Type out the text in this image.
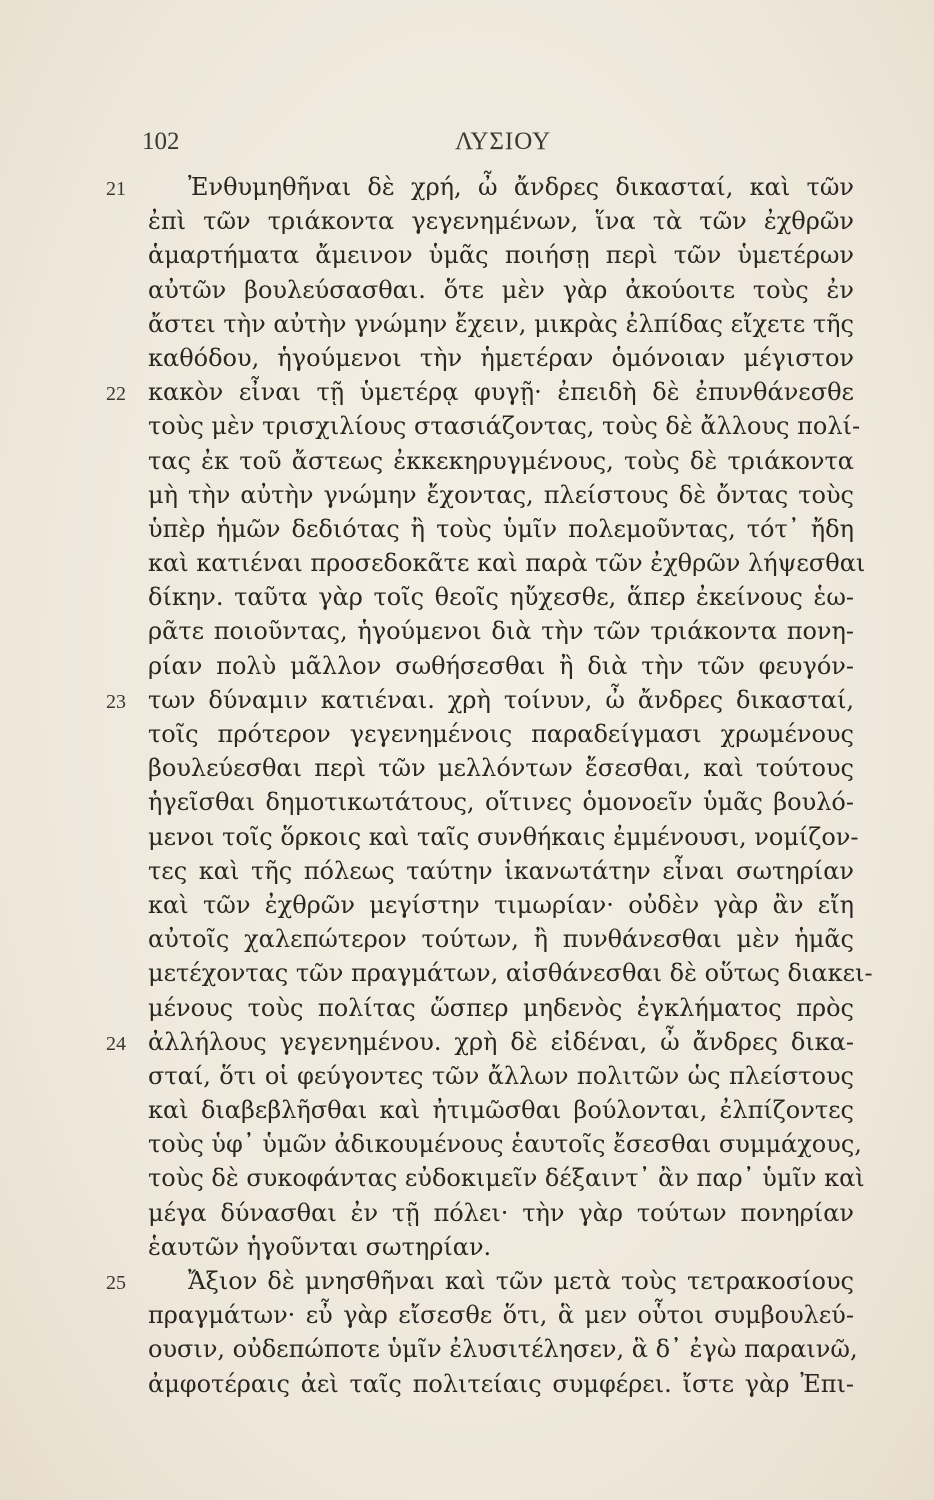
102	ΛΥΣΙΟΥ
21	Ἐνθυμηθῆναι δὲ χρή, ὦ ἄνδρες δικασταί, καὶ τῶν
ἐπὶ τῶν τριάκοντα γεγενημένων, ἵνα τὰ τῶν ἐχθρῶν
ἁμαρτήματα ἄμεινον ὑμᾶς ποιήσῃ περὶ τῶν ὑμετέρων
αὐτῶν βουλεύσασθαι. ὅτε μὲν γὰρ ἀκούοιτε τοὺς ἐν
ἄστει τὴν αὐτὴν γνώμην ἔχειν, μικρὰς ἐλπίδας εἴχετε τῆς
καθόδου, ἡγούμενοι τὴν ἡμετέραν ὁμόνοιαν μέγιστον
22 κακὸν εἶναι τῇ ὑμετέρᾳ φυγῇ· ἐπειδὴ δὲ ἐπυνθάνεσθε
τοὺς μὲν τρισχιλίους στασιάζοντας, τοὺς δὲ ἄλλους πολί-
τας ἐκ τοῦ ἄστεως ἐκκεκηρυγμένους, τοὺς δὲ τριάκοντα
μὴ τὴν αὐτὴν γνώμην ἔχοντας, πλείστους δὲ ὄντας τοὺς
ὑπὲρ ἡμῶν δεδιότας ἢ τοὺς ὑμῖν πολεμοῦντας, τότ᾽ ἤδη
καὶ κατιέναι προσεδοκᾶτε καὶ παρὰ τῶν ἐχθρῶν λήψεσθαι
δίκην. ταῦτα γὰρ τοῖς θεοῖς ηὔχεσθε, ἅπερ ἐκείνους ἑω-
ρᾶτε ποιοῦντας, ἡγούμενοι διὰ τὴν τῶν τριάκοντα πονη-
ρίαν πολὺ μᾶλλον σωθήσεσθαι ἢ διὰ τὴν τῶν φευγόν-
23 των δύναμιν κατιέναι. χρὴ τοίνυν, ὦ ἄνδρες δικασταί,
τοῖς πρότερον γεγενημένοις παραδείγμασι χρωμένους
βουλεύεσθαι περὶ τῶν μελλόντων ἔσεσθαι, καὶ τούτους
ἡγεῖσθαι δημοτικωτάτους, οἵτινες ὁμονοεῖν ὑμᾶς βουλό-
μενοι τοῖς ὅρκοις καὶ ταῖς συνθήκαις ἐμμένουσι, νομίζον-
τες καὶ τῆς πόλεως ταύτην ἱκανωτάτην εἶναι σωτηρίαν
καὶ τῶν ἐχθρῶν μεγίστην τιμωρίαν· οὐδὲν γὰρ ἂν εἴη
αὐτοῖς χαλεπώτερον τούτων, ἢ πυνθάνεσθαι μὲν ἡμᾶς
μετέχοντας τῶν πραγμάτων, αἰσθάνεσθαι δὲ οὕτως διακει-
μένους τοὺς πολίτας ὥσπερ μηδενὸς ἐγκλήματος πρὸς
24 ἀλλήλους γεγενημένου. χρὴ δὲ εἰδέναι, ὦ ἄνδρες δικα-
σταί, ὅτι οἱ φεύγοντες τῶν ἄλλων πολιτῶν ὡς πλείστους
καὶ διαβεβλῆσθαι καὶ ἠτιμῶσθαι βούλονται, ἐλπίζοντες
τοὺς ὑφ᾽ ὑμῶν ἀδικουμένους ἑαυτοῖς ἔσεσθαι συμμάχους,
τοὺς δὲ συκοφάντας εὐδοκιμεῖν δέξαιντ᾽ ἂν παρ᾽ ὑμῖν καὶ
μέγα δύνασθαι ἐν τῇ πόλει· τὴν γὰρ τούτων πονηρίαν
ἑαυτῶν ἡγοῦνται σωτηρίαν.
25	Ἄξιον δὲ μνησθῆναι καὶ τῶν μετὰ τοὺς τετρακοσίους
πραγμάτων· εὖ γὰρ εἴσεσθε ὅτι, ἃ μεν οὗτοι συμβουλεύ-
ουσιν, οὐδεπώποτε ὑμῖν ἐλυσιτέλησεν, ἃ δ᾽ ἐγὼ παραινῶ,
ἀμφοτέραις ἀεὶ ταῖς πολιτείαις συμφέρει. ἴστε γὰρ Ἐπι-
